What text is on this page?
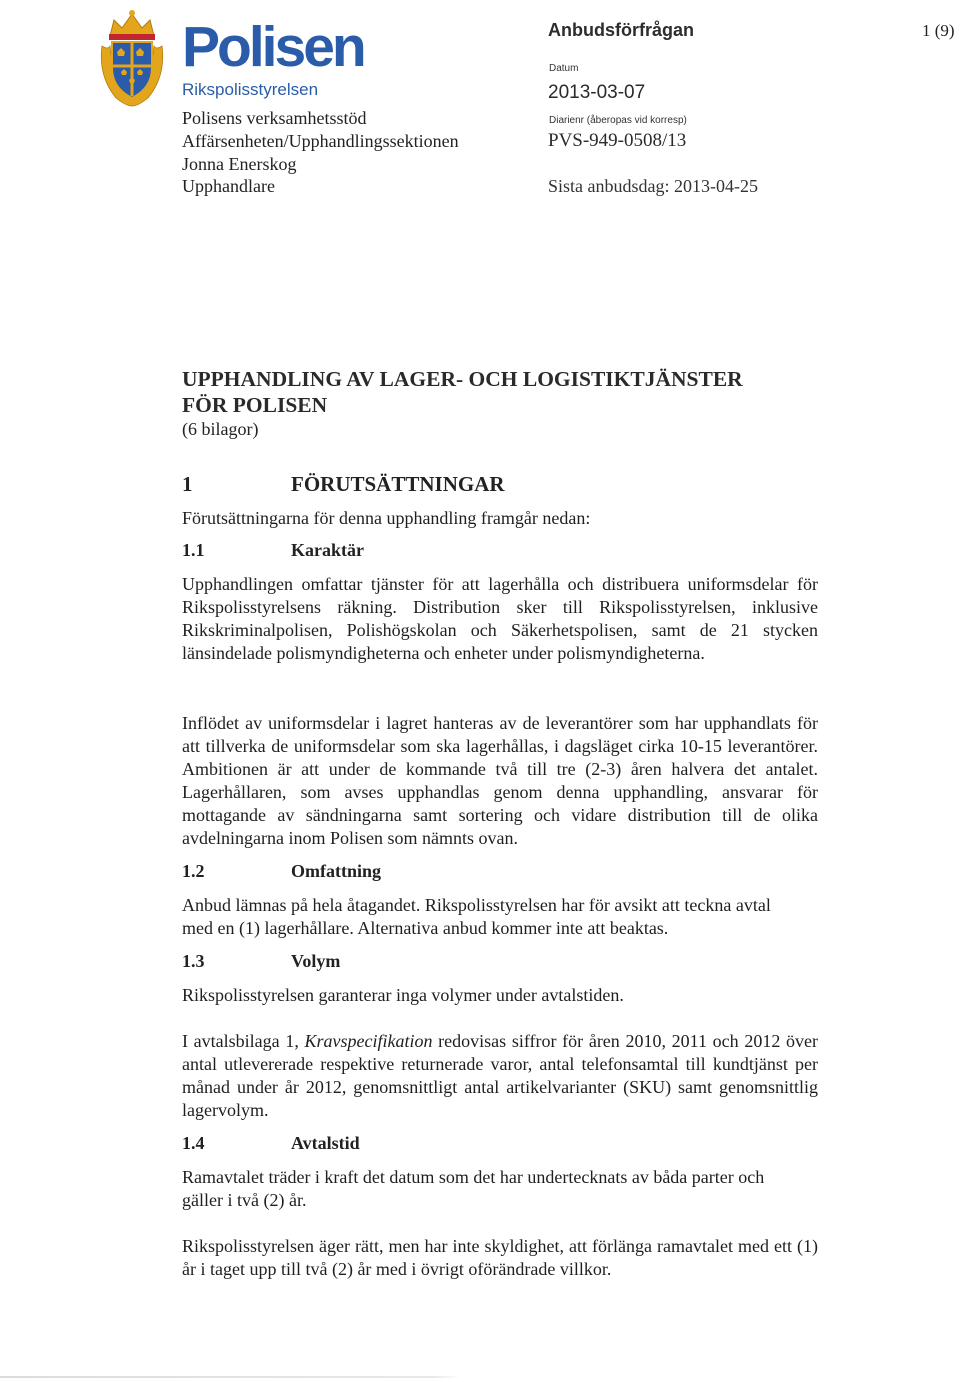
Polisen
Rikspolisstyrelsen
Polisens verksamhetsstöd
Affärsenheten/Upphandlingssektionen
Jonna Enerskog
Upphandlare
Anbudsförfrågan	1 (9)
Datum
2013-03-07
Diarienr (åberopas vid korresp)
PVS-949-0508/13
Sista anbudsdag: 2013-04-25
UPPHANDLING AV LAGER- OCH LOGISTIKTJÄNSTER
FÖR POLISEN
(6 bilagor)
1	FÖRUTSÄTTNINGAR
Förutsättningarna för denna upphandling framgår nedan:
1.1	Karaktär
Upphandlingen omfattar tjänster för att lagerhålla och distribuera uniformsdelar för Rikspolisstyrelsens räkning. Distribution sker till Rikspolisstyrelsen, inklusive Rikskriminalpolisen, Polishögskolan och Säkerhetspolisen, samt de 21 stycken länsindelade polismyndigheterna och enheter under polismyndigheterna.
Inflödet av uniformsdelar i lagret hanteras av de leverantörer som har upphandlats för att tillverka de uniformsdelar som ska lagerhållas, i dagsläget cirka 10-15 leverantörer. Ambitionen är att under de kommande två till tre (2-3) åren halvera det antalet. Lagerhållaren, som avses upphandlas genom denna upphandling, ansvarar för mottagande av sändningarna samt sortering och vidare distribution till de olika avdelningarna inom Polisen som nämnts ovan.
1.2	Omfattning
Anbud lämnas på hela åtagandet. Rikspolisstyrelsen har för avsikt att teckna avtal med en (1) lagerhållare. Alternativa anbud kommer inte att beaktas.
1.3	Volym
Rikspolisstyrelsen garanterar inga volymer under avtalstiden.
I avtalsbilaga 1, Kravspecifikation redovisas siffror för åren 2010, 2011 och 2012 över antal utlevererade respektive returnerade varor, antal telefonsamtal till kundtjänst per månad under år 2012, genomsnittligt antal artikelvarianter (SKU) samt genomsnittlig lagervolym.
1.4	Avtalstid
Ramavtalet träder i kraft det datum som det har undertecknats av båda parter och gäller i två (2) år.
Rikspolisstyrelsen äger rätt, men har inte skyldighet, att förlänga ramavtalet med ett (1) år i taget upp till två (2) år med i övrigt oförändrade villkor.
